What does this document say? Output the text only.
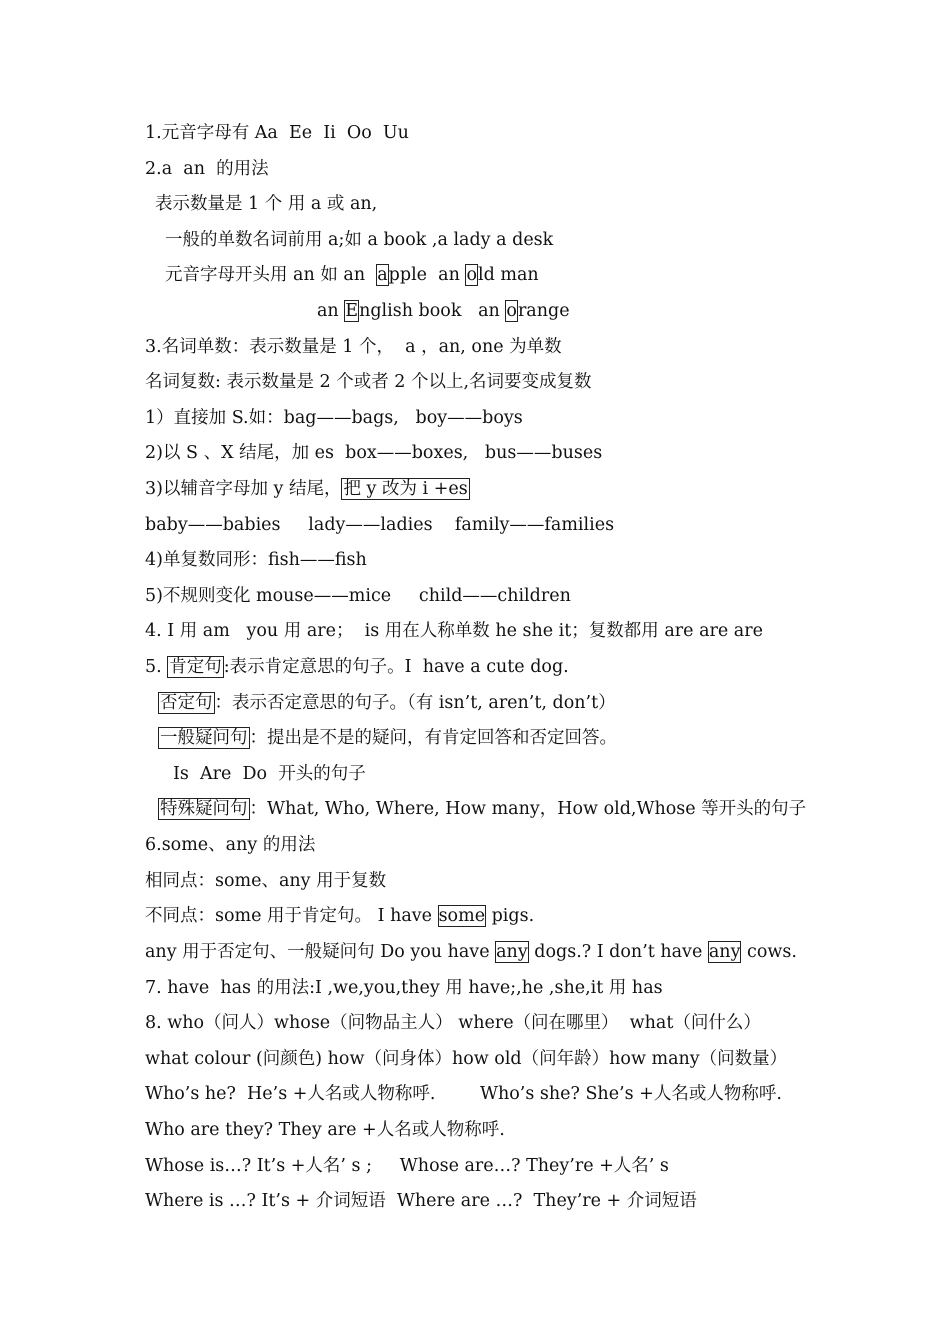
1.元音字母有 Aa  Ee  Ii  Oo  Uu
2.a  an  的用法
表示数量是 1 个 用 a 或 an,
一般的单数名词前用 a;如 a book ,a lady a desk
元音字母开头用 an 如 an  apple  an old man
an English book   an orange
3.名词单数：表示数量是 1 个，  a ，an, one 为单数
名词复数: 表示数量是 2 个或者 2 个以上,名词要变成复数
1）直接加 S.如：bag——bags,   boy——boys
2)以 S 、X 结尾，加 es  box——boxes,   bus——buses
3)以辅音字母加 y 结尾， 把 y 改为 i +es
baby——babies     lady——ladies    family——families
4)单复数同形：fish——fish
5)不规则变化 mouse——mice     child——children
4. I 用 am   you 用 are；  is 用在人称单数 he she it；复数都用 are are are
5. 肯定句 :表示肯定意思的句子。I  have a cute dog.
否定句 ：表示否定意思的句子。（有 isn’t, aren’t, don’t）
一般疑问句 ：提出是不是的疑问，有肯定回答和否定回答。
Is  Are  Do  开头的句子
特殊疑问句 ：What, Who, Where, How many，How old,Whose 等开头的句子
6.some、any 的用法
相同点：some、any 用于复数
不同点：some 用于肯定句。 I have some pigs.
any 用于否定句、一般疑问句 Do you have any dogs.? I don’t have any cows.
7. have  has 的用法:I ,we,you,they 用 have;,he ,she,it 用 has
8. who（问人）whose（问物品主人） where（问在哪里）  what（问什么）
what colour (问颜色) how（问身体）how old（问年龄）how many（问数量）
Who’s he?  He’s +人名或人物称呼.        Who’s she? She’s +人名或人物称呼.
Who are they? They are +人名或人物称呼.
Whose is…? It’s +人名’ s ;     Whose are…? They’re +人名’ s
Where is …? It’s + 介词短语  Where are …?  They’re + 介词短语
